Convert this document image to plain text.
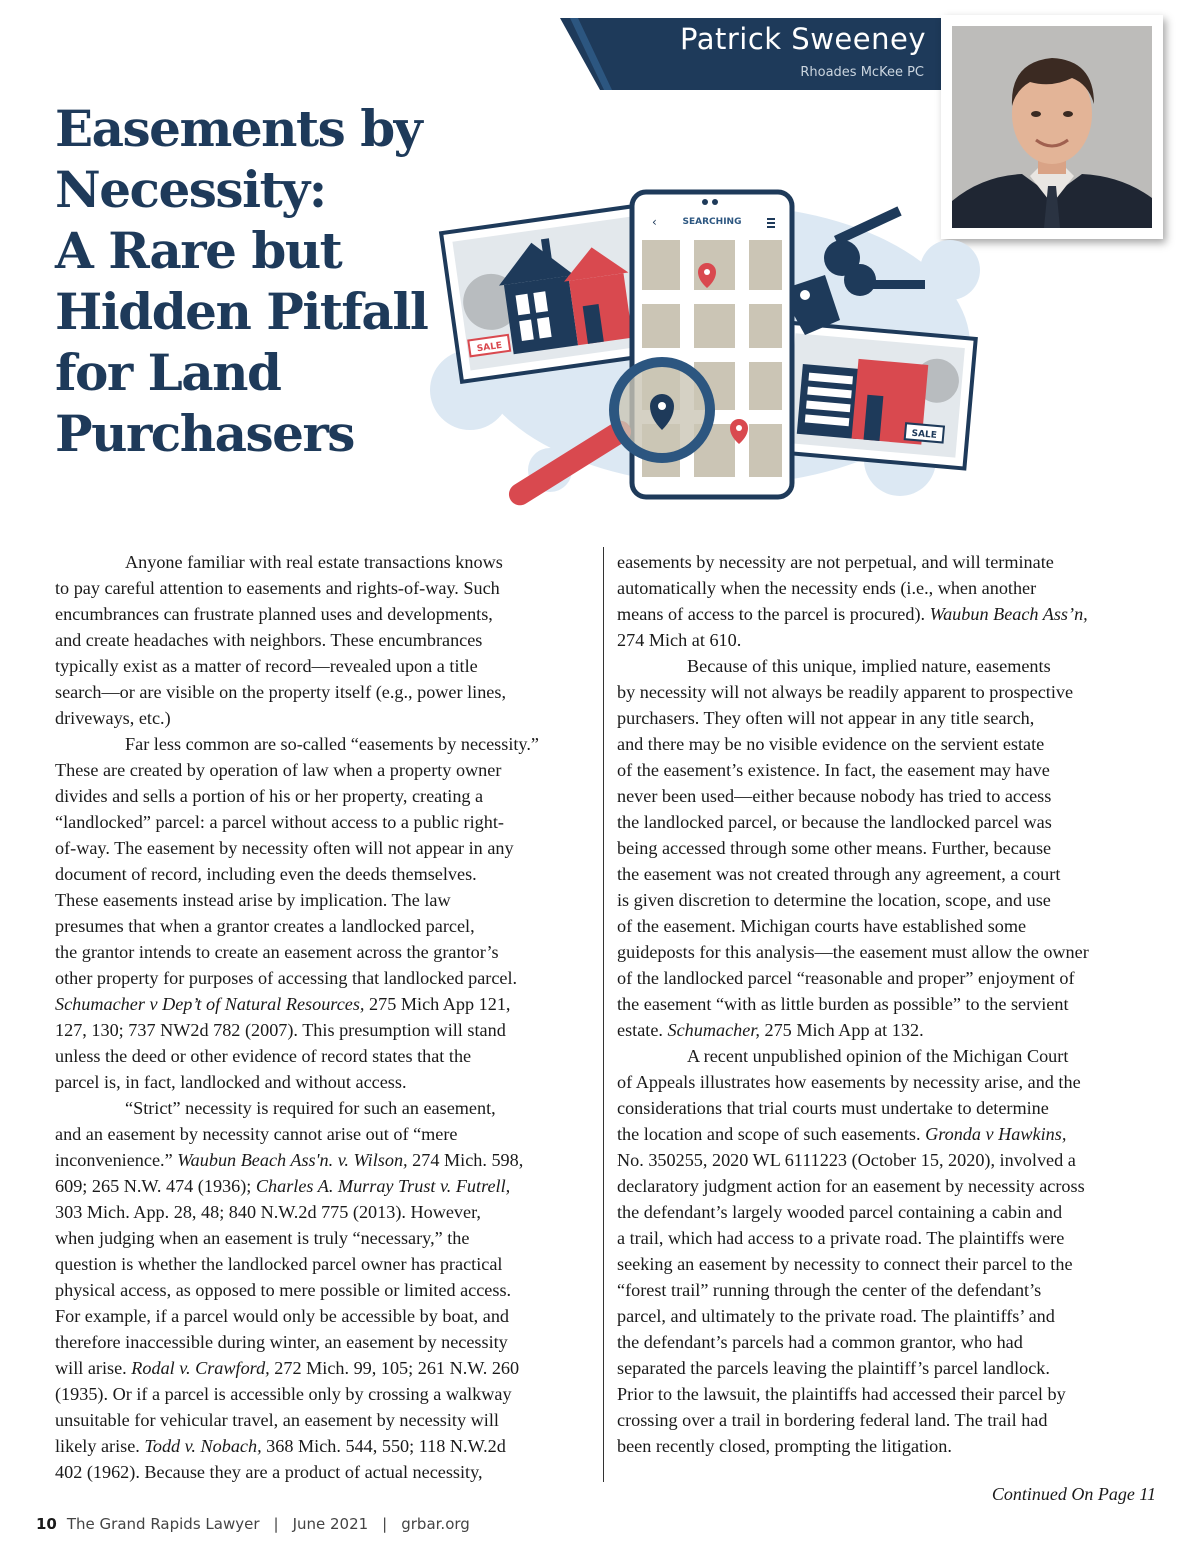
Patrick Sweeney
Rhoades McKee PC
Easements by
Necessity:
A Rare but
Hidden Pitfall
for Land
Purchasers
SALE
SALE
SEARCHING
‹

Anyone familiar with real estate transactions knows

to pay careful attention to easements and rights-of-way. Such

encumbrances can frustrate planned uses and developments,

and create headaches with neighbors. These encumbrances

typically exist as a matter of record—revealed upon a title

search—or are visible on the property itself (e.g., power lines,

driveways, etc.)

Far less common are so-called “easements by necessity.”

These are created by operation of law when a property owner

divides and sells a portion of his or her property, creating a

“landlocked” parcel: a parcel without access to a public right-

of-way. The easement by necessity often will not appear in any

document of record, including even the deeds themselves.

These easements instead arise by implication. The law

presumes that when a grantor creates a landlocked parcel,

the grantor intends to create an easement across the grantor’s

other property for purposes of accessing that landlocked parcel.

Schumacher v Dep’t of Natural Resources, 275 Mich App 121,

127, 130; 737 NW2d 782 (2007). This presumption will stand

unless the deed or other evidence of record states that the

parcel is, in fact, landlocked and without access.

“Strict” necessity is required for such an easement,

and an easement by necessity cannot arise out of “mere

inconvenience.” Waubun Beach Ass'n. v. Wilson, 274 Mich. 598,

609; 265 N.W. 474 (1936); Charles A. Murray Trust v. Futrell,

303 Mich. App. 28, 48; 840 N.W.2d 775 (2013). However,

when judging when an easement is truly “necessary,” the

question is whether the landlocked parcel owner has practical

physical access, as opposed to mere possible or limited access.

For example, if a parcel would only be accessible by boat, and

therefore inaccessible during winter, an easement by necessity

will arise. Rodal v. Crawford, 272 Mich. 99, 105; 261 N.W. 260

(1935). Or if a parcel is accessible only by crossing a walkway

unsuitable for vehicular travel, an easement by necessity will

likely arise. Todd v. Nobach, 368 Mich. 544, 550; 118 N.W.2d

402 (1962). Because they are a product of actual necessity,

easements by necessity are not perpetual, and will terminate

automatically when the necessity ends (i.e., when another

means of access to the parcel is procured). Waubun Beach Ass’n,

274 Mich at 610.

Because of this unique, implied nature, easements

by necessity will not always be readily apparent to prospective

purchasers. They often will not appear in any title search,

and there may be no visible evidence on the servient estate

of the easement’s existence. In fact, the easement may have

never been used—either because nobody has tried to access

the landlocked parcel, or because the landlocked parcel was

being accessed through some other means. Further, because

the easement was not created through any agreement, a court

is given discretion to determine the location, scope, and use

of the easement. Michigan courts have established some

guideposts for this analysis—the easement must allow the owner

of the landlocked parcel “reasonable and proper” enjoyment of

the easement “with as little burden as possible” to the servient

estate. Schumacher, 275 Mich App at 132.

A recent unpublished opinion of the Michigan Court

of Appeals illustrates how easements by necessity arise, and the

considerations that trial courts must undertake to determine

the location and scope of such easements. Gronda v Hawkins,

No. 350255, 2020 WL 6111223 (October 15, 2020), involved a

declaratory judgment action for an easement by necessity across

the defendant’s largely wooded parcel containing a cabin and

a trail, which had access to a private road. The plaintiffs were

seeking an easement by necessity to connect their parcel to the

“forest trail” running through the center of the defendant’s

parcel, and ultimately to the private road. The plaintiffs’ and

the defendant’s parcels had a common grantor, who had

separated the parcels leaving the plaintiff’s parcel landlock.

Prior to the lawsuit, the plaintiffs had accessed their parcel by

crossing over a trail in bordering federal land. The trail had

been recently closed, prompting the litigation.

Continued On Page 11
10 The Grand Rapids Lawyer | June 2021 | grbar.org
